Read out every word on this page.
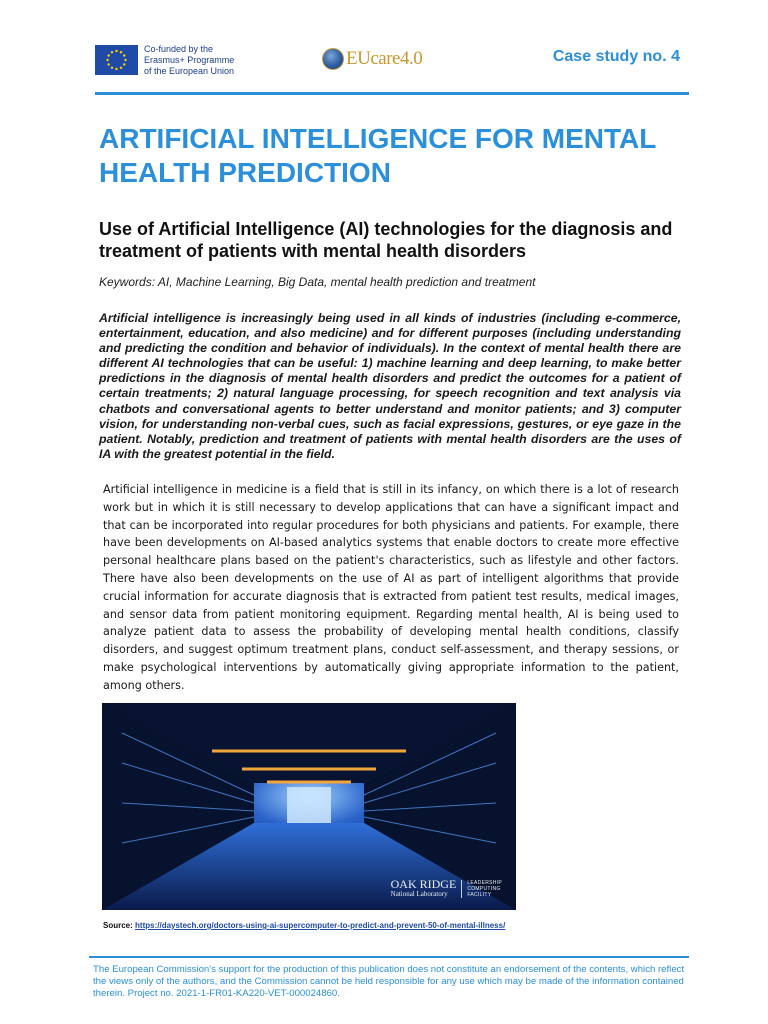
Co-funded by the
Erasmus+ Programme
of the European Union
EUcare4.0	Case study no. 4
ARTIFICIAL INTELLIGENCE FOR MENTAL HEALTH PREDICTION
Use of Artificial Intelligence (AI) technologies for the diagnosis and treatment of patients with mental health disorders

Keywords: AI, Machine Learning, Big Data, mental health prediction and treatment

Artificial intelligence is increasingly being used in all kinds of industries (including e-commerce, entertainment, education, and also medicine) and for different purposes (including understanding and predicting the condition and behavior of individuals). In the context of mental health there are different AI technologies that can be useful: 1) machine learning and deep learning, to make better predictions in the diagnosis of mental health disorders and predict the outcomes for a patient of certain treatments; 2) natural language processing, for speech recognition and text analysis via chatbots and conversational agents to better understand and monitor patients; and 3) computer vision, for understanding non-verbal cues, such as facial expressions, gestures, or eye gaze in the patient. Notably, prediction and treatment of patients with mental health disorders are the uses of IA with the greatest potential in the field.

Artificial intelligence in medicine is a field that is still in its infancy, on which there is a lot of research work but in which it is still necessary to develop applications that can have a significant impact and that can be incorporated into regular procedures for both physicians and patients. For example, there have been developments on AI-based analytics systems that enable doctors to create more effective personal healthcare plans based on the patient's characteristics, such as lifestyle and other factors. There have also been developments on the use of AI as part of intelligent algorithms that provide crucial information for accurate diagnosis that is extracted from patient test results, medical images, and sensor data from patient monitoring equipment. Regarding mental health, AI is being used to analyze patient data to assess the probability of developing mental health conditions, classify disorders, and suggest optimum treatment plans, conduct self-assessment, and therapy sessions, or make psychological interventions by automatically giving appropriate information to the patient, among others.

OAK RIDGE
National Laboratory
LEADERSHIP
COMPUTING
FACILITY
Source: https://daystech.org/doctors-using-ai-supercomputer-to-predict-and-prevent-50-of-mental-illness/

The European Commission's support for the production of this publication does not constitute an endorsement of the contents, which reflect the views only of the authors, and the Commission cannot be held responsible for any use which may be made of the information contained therein. Project no. 2021-1-FR01-KA220-VET-000024860.
